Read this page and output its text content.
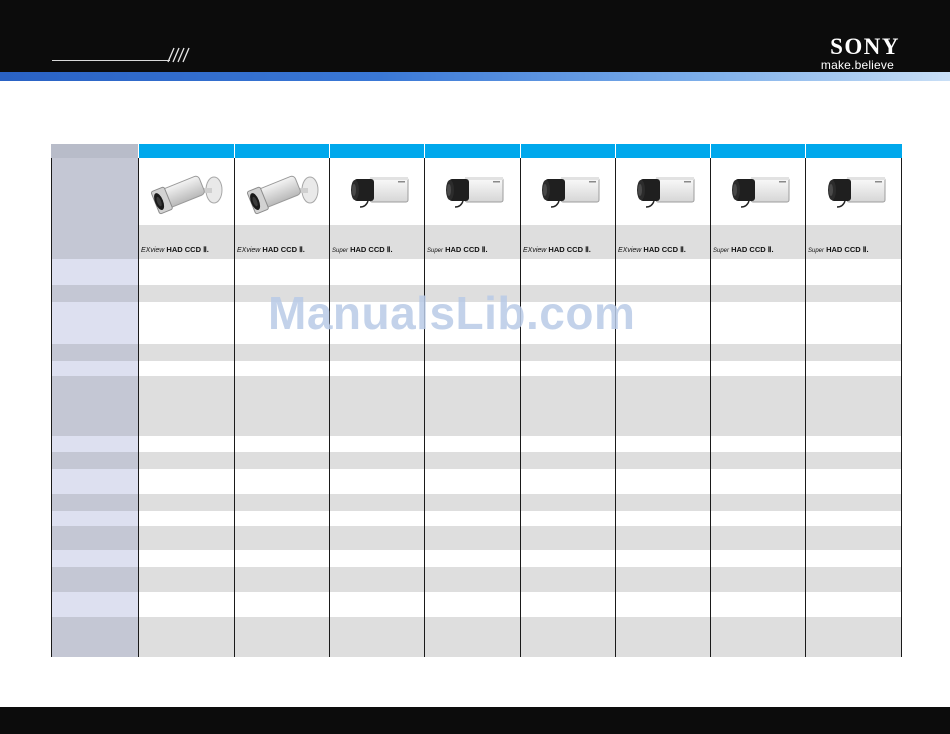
SONY
make.believe
EXview HAD CCD Ⅱ.	EXview HAD CCD Ⅱ.	Super HAD CCD Ⅱ.	Super HAD CCD Ⅱ.	EXview HAD CCD Ⅱ.	EXview HAD CCD Ⅱ.	Super HAD CCD Ⅱ.	Super HAD CCD Ⅱ.
ManualsLib.com
